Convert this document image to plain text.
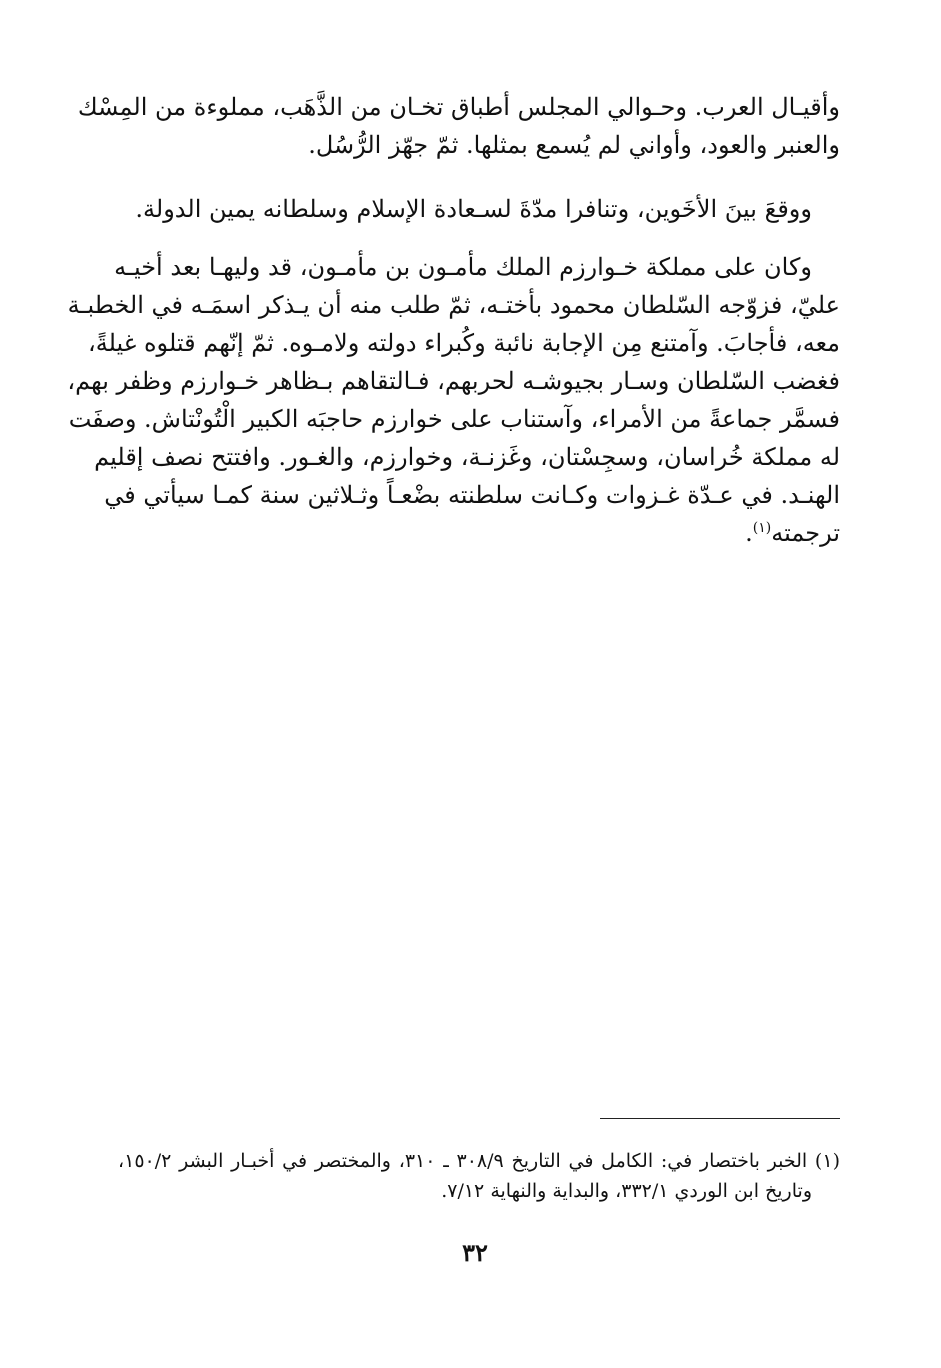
وأقيـال العرب. وحـوالي المجلس أطباق تخـان من الذَّهَب، مملوءة من المِسْك
والعنبر والعود، وأواني لم يُسمع بمثلها. ثمّ جهّز الرُّسُل.
ووقعَ بينَ الأخَوين، وتنافرا مدّةَ لسـعادة الإسلام وسلطانه يمين الدولة.
وكان على مملكة خـوارزم الملك مأمـون بن مأمـون، قد وليهـا بعد أخيـه
عليّ، فزوّجه السّلطان محمود بأختـه، ثمّ طلب منه أن يـذكر اسمَـه في الخطبـة
معه، فأجابَ. وآمتنع مِن الإجابة نائبة وكُبراء دولته ولامـوه. ثمّ إنّهم قتلوه غيلةً،
فغضب السّلطان وسـار بجيوشـه لحربهم، فـالتقاهم بـظاهر خـوارزم وظفر بهم،
فسمَّر جماعةً من الأمراء، وآستناب على خوارزم حاجبَه الكبير الْتُونْتاش. وصفَت
له مملكة خُراسان، وسجِسْتان، وغَزنـة، وخوارزم، والغـور. وافتتح نصف إقليم
الهنـد. في عـدّة غـزوات وكـانت سلطنته بضْعـاً وثـلاثين سنة كمـا سيأتي في
ترجمته$^{(١)}$.
(١) الخبر باختصار في: الكامل في التاريخ ٣٠٨/٩ ـ ٣١٠، والمختصر في أخبـار البشر ١٥٠/٢،
وتاريخ ابن الوردي ٣٣٢/١، والبداية والنهاية ٧/١٢.
٣٢
